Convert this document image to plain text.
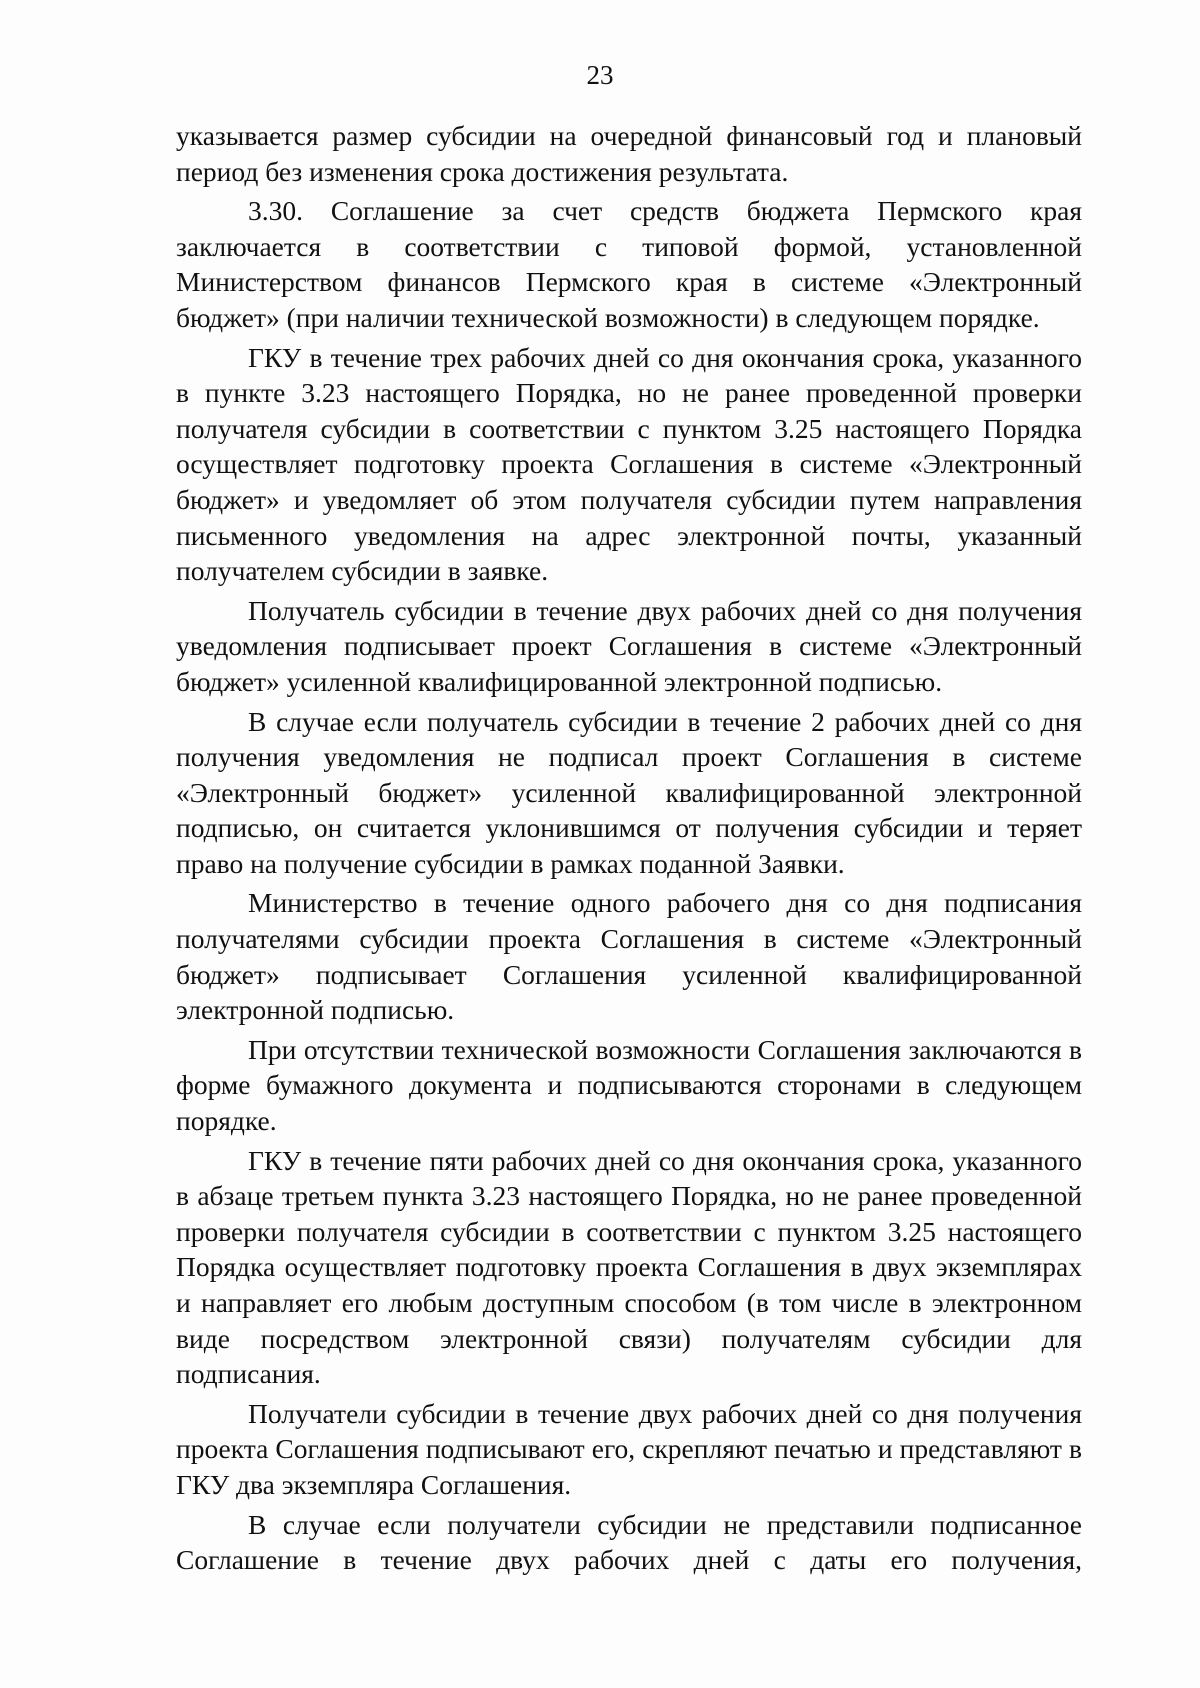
23

указывается размер субсидии на очередной финансовый год и плановый период без изменения срока достижения результата.

3.30. Соглашение за счет средств бюджета Пермского края заключается в соответствии с типовой формой, установленной Министерством финансов Пермского края в системе «Электронный бюджет» (при наличии технической возможности) в следующем порядке.

ГКУ в течение трех рабочих дней со дня окончания срока, указанного в пункте 3.23 настоящего Порядка, но не ранее проведенной проверки получателя субсидии в соответствии с пунктом 3.25 настоящего Порядка осуществляет подготовку проекта Соглашения в системе «Электронный бюджет» и уведомляет об этом получателя субсидии путем направления письменного уведомления на адрес электронной почты, указанный получателем субсидии в заявке.

Получатель субсидии в течение двух рабочих дней со дня получения уведомления подписывает проект Соглашения в системе «Электронный бюджет» усиленной квалифицированной электронной подписью.

В случае если получатель субсидии в течение 2 рабочих дней со дня получения уведомления не подписал проект Соглашения в системе «Электронный бюджет» усиленной квалифицированной электронной подписью, он считается уклонившимся от получения субсидии и теряет право на получение субсидии в рамках поданной Заявки.

Министерство в течение одного рабочего дня со дня подписания получателями субсидии проекта Соглашения в системе «Электронный бюджет» подписывает Соглашения усиленной квалифицированной электронной подписью.

При отсутствии технической возможности Соглашения заключаются в форме бумажного документа и подписываются сторонами в следующем порядке.

ГКУ в течение пяти рабочих дней со дня окончания срока, указанного в абзаце третьем пункта 3.23 настоящего Порядка, но не ранее проведенной проверки получателя субсидии в соответствии с пунктом 3.25 настоящего Порядка осуществляет подготовку проекта Соглашения в двух экземплярах и направляет его любым доступным способом (в том числе в электронном виде посредством электронной связи) получателям субсидии для подписания.

Получатели субсидии в течение двух рабочих дней со дня получения проекта Соглашения подписывают его, скрепляют печатью и представляют в ГКУ два экземпляра Соглашения.

В случае если получатели субсидии не представили подписанное Соглашение в течение двух рабочих дней с даты его получения,
